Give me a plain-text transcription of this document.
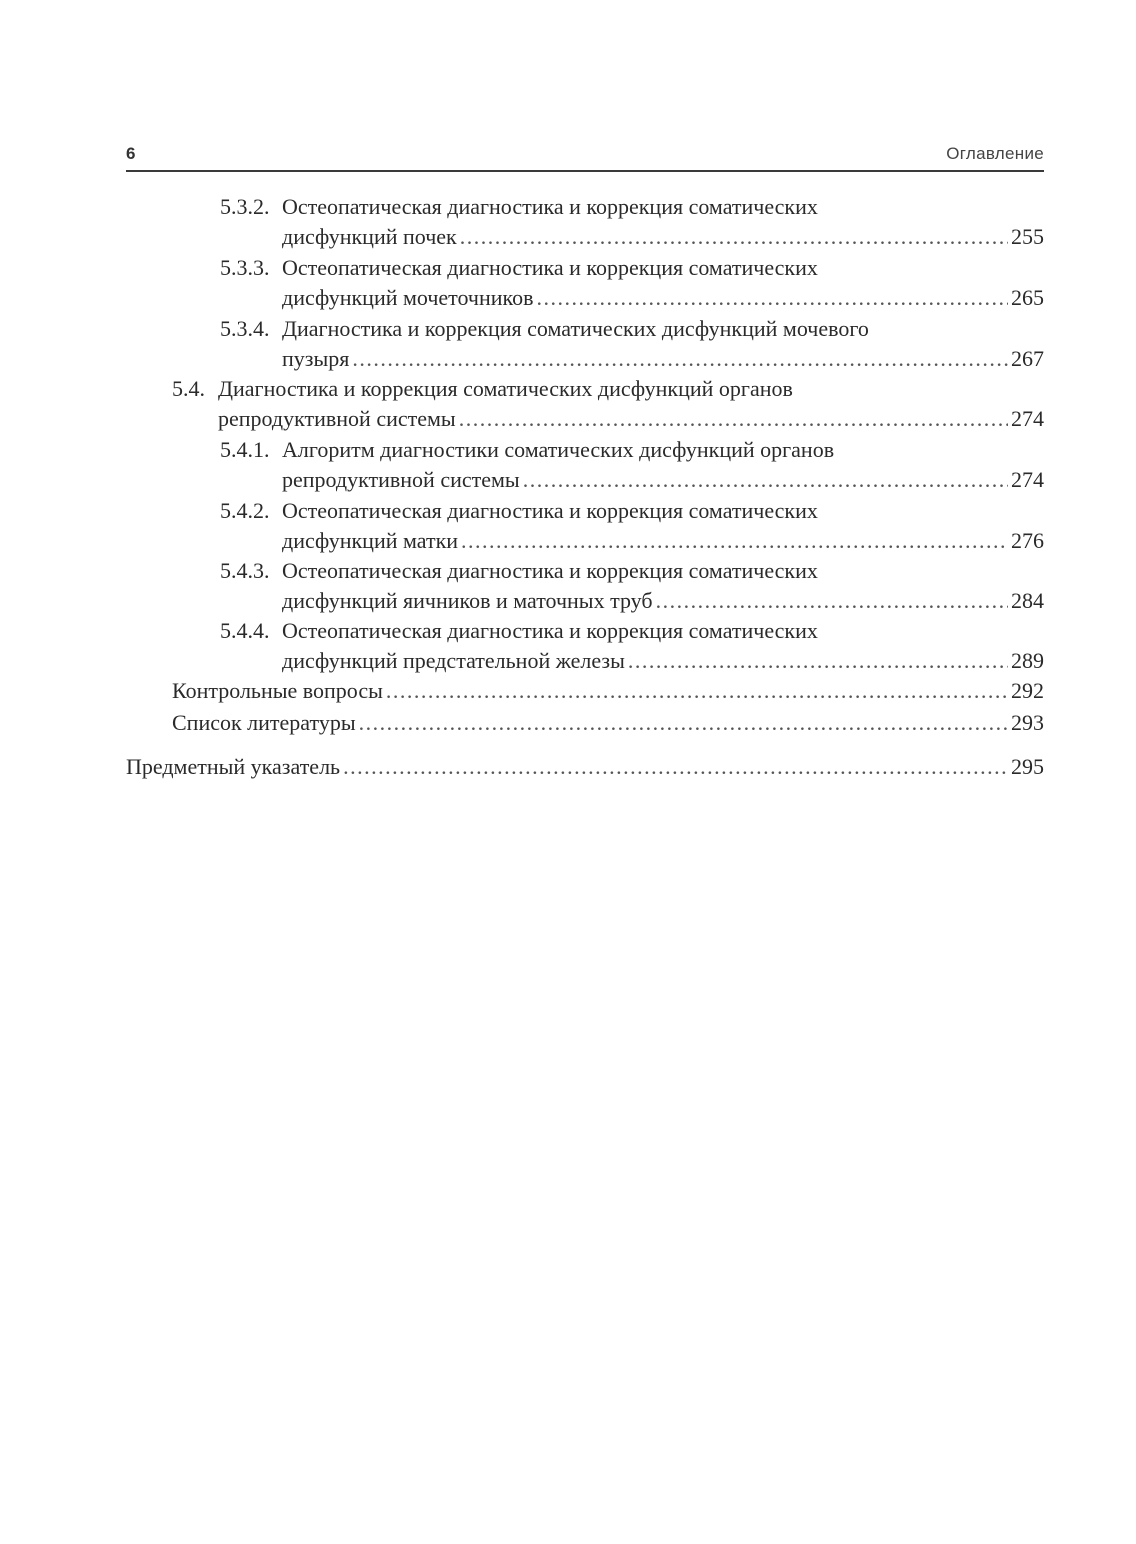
6	Оглавление
5.3.2. Остеопатическая диагностика и коррекция соматических
дисфункций почек . . .	255
5.3.3. Остеопатическая диагностика и коррекция соматических
дисфункций мочеточников . . .	265
5.3.4. Диагностика и коррекция соматических дисфункций мочевого
пузыря . . .	267
5.4. Диагностика и коррекция соматических дисфункций органов
репродуктивной системы . . .	274
5.4.1. Алгоритм диагностики соматических дисфункций органов
репродуктивной системы . . .	274
5.4.2. Остеопатическая диагностика и коррекция соматических
дисфункций матки . . .	276
5.4.3. Остеопатическая диагностика и коррекция соматических
дисфункций яичников и маточных труб . . .	284
5.4.4. Остеопатическая диагностика и коррекция соматических
дисфункций предстательной железы . . .	289
Контрольные вопросы . . .	292
Список литературы . . .	293
Предметный указатель . . .	295
